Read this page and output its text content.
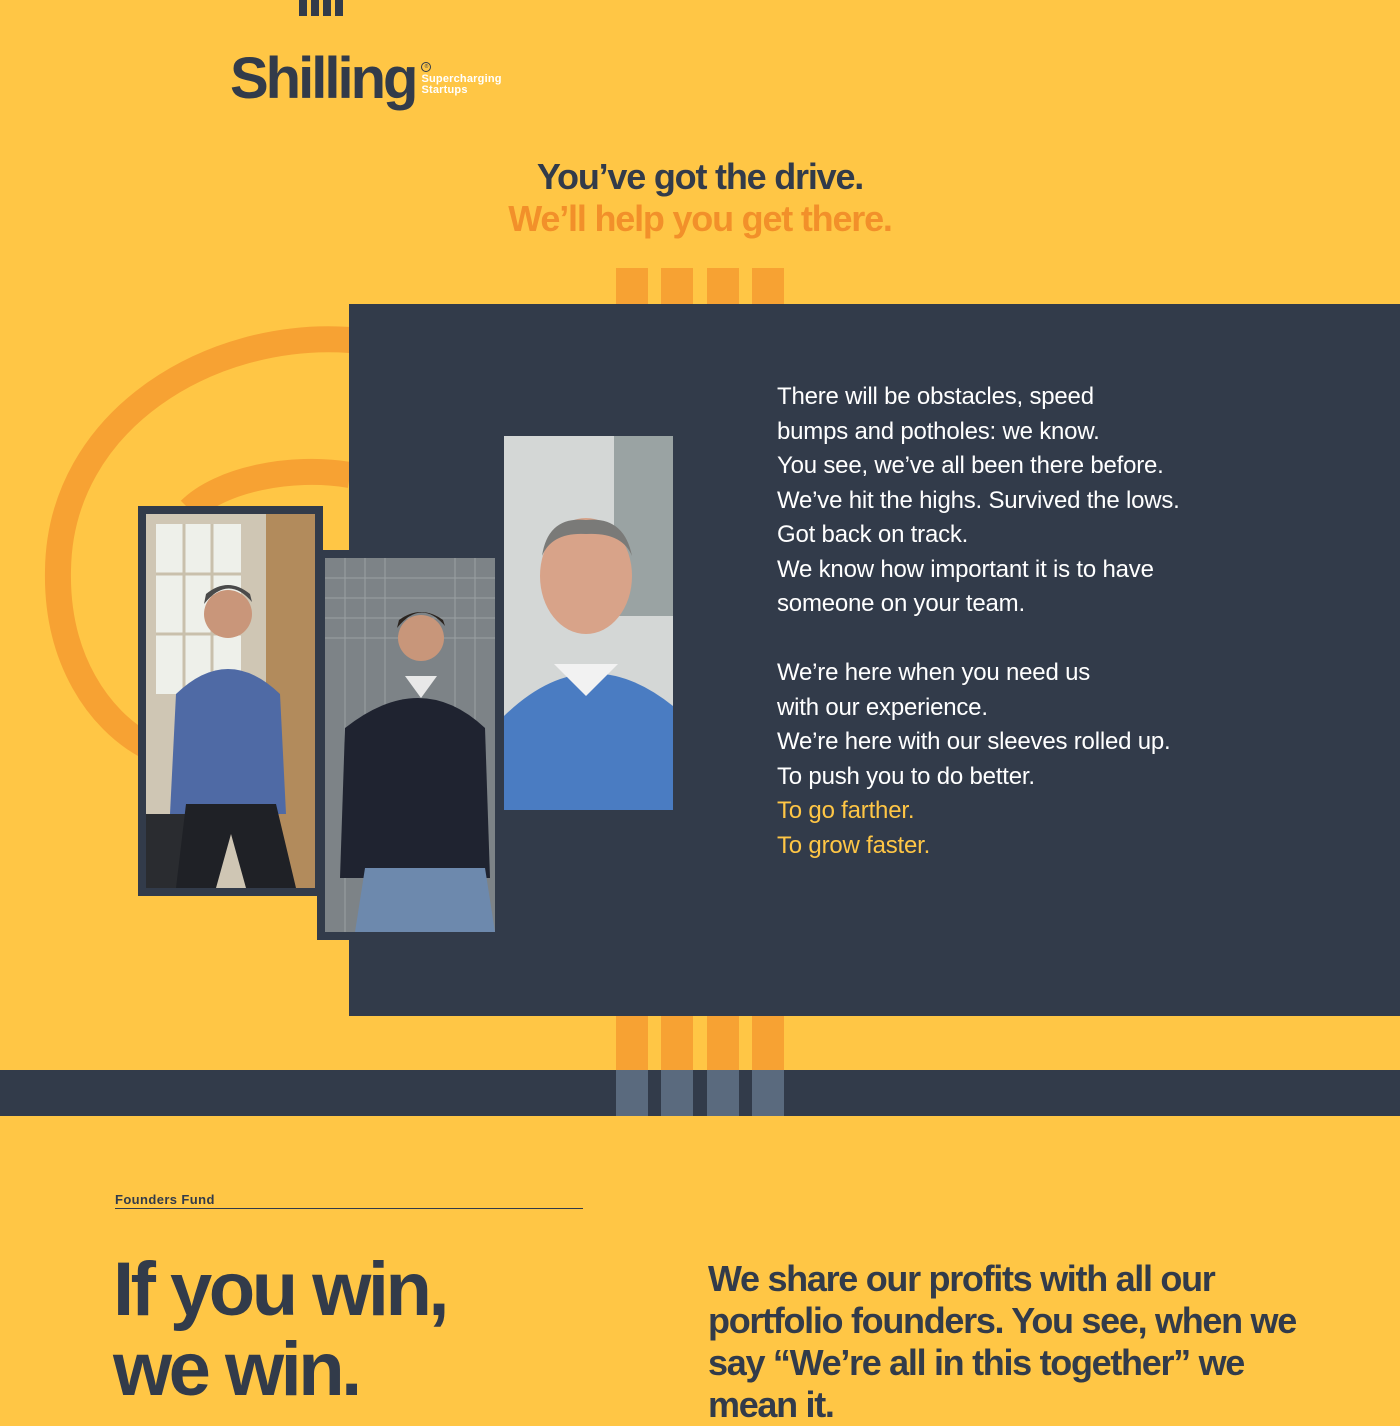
Shilling	®
Supercharging
Startups
You’ve got the drive.
We’ll help you get there.

There will be obstacles, speed

bumps and potholes: we know.

You see, we’ve all been there before.

We’ve hit the highs. Survived the lows.

Got back on track.

We know how important it is to have

someone on your team.

We’re here when you need us

with our experience.

We’re here with our sleeves rolled up.

To push you to do better.

To go farther.

To grow faster.

Founders Fund
If you win,
we win.
We share our profits with all our portfolio founders. You see, when we say “We’re all in this together” we mean it.
